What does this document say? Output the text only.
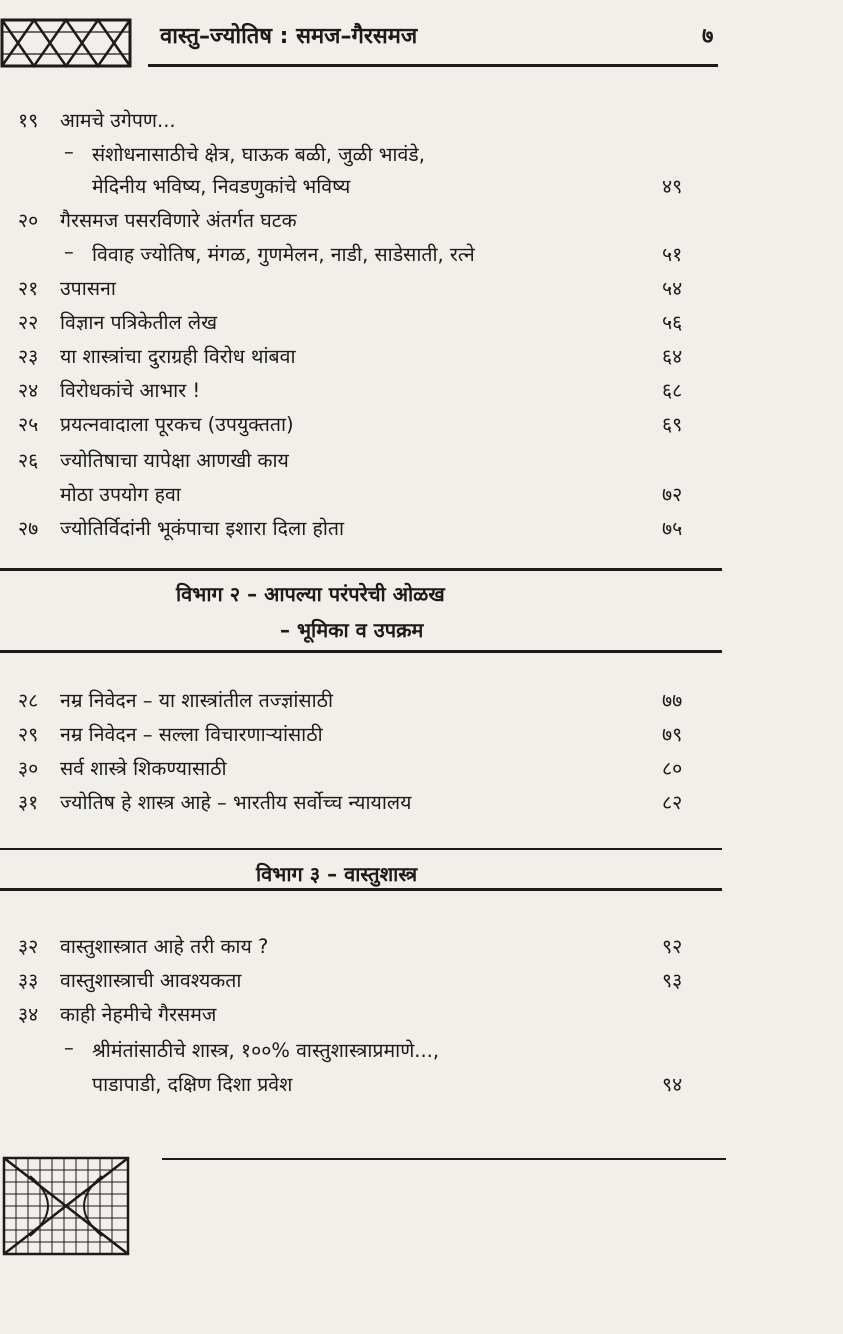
वास्तु–ज्योतिष : समज–गैरसमज	७
१९ आमचे उगेपण...
– संशोधनासाठीचे क्षेत्र, घाऊक बळी, जुळी भावंडे,
मेदिनीय भविष्य, निवडणुकांचे भविष्य	४९
२० गैरसमज पसरविणारे अंतर्गत घटक
– विवाह ज्योतिष, मंगळ, गुणमेलन, नाडी, साडेसाती, रत्ने	५१
२१ उपासना	५४
२२ विज्ञान पत्रिकेतील लेख	५६
२३ या शास्त्रांचा दुराग्रही विरोध थांबवा	६४
२४ विरोधकांचे आभार !	६८
२५ प्रयत्नवादाला पूरकच (उपयुक्तता)	६९
२६ ज्योतिषाचा यापेक्षा आणखी काय
मोठा उपयोग हवा	७२
२७ ज्योतिर्विदांनी भूकंपाचा इशारा दिला होता	७५
विभाग २ – आपल्या परंपरेची ओळख
– भूमिका व उपक्रम
२८ नम्र निवेदन – या शास्त्रांतील तज्ज्ञांसाठी	७७
२९ नम्र निवेदन – सल्ला विचारणाऱ्यांसाठी	७९
३० सर्व शास्त्रे शिकण्यासाठी	८०
३१ ज्योतिष हे शास्त्र आहे – भारतीय सर्वोच्च न्यायालय	८२
विभाग ३ – वास्तुशास्त्र
३२ वास्तुशास्त्रात आहे तरी काय ?	९२
३३ वास्तुशास्त्राची आवश्यकता	९३
३४ काही नेहमीचे गैरसमज
– श्रीमंतांसाठीचे शास्त्र, १००% वास्तुशास्त्राप्रमाणे...,
पाडापाडी, दक्षिण दिशा प्रवेश	९४
